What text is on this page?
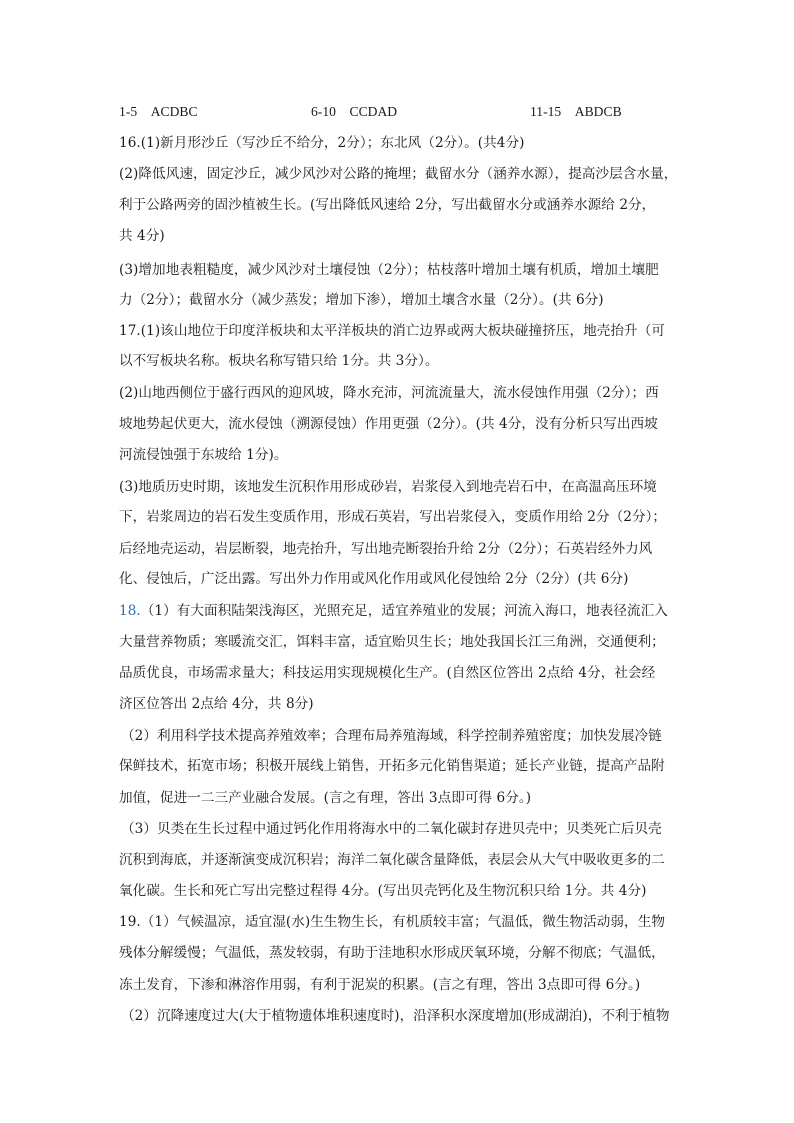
1-5　ACDBC	6-10　CCDAD	11-15　ABDCB
16.(1)新月形沙丘（写沙丘不给分，2分）；东北风（2分）。(共4分)
(2)降低风速，固定沙丘，减少风沙对公路的掩埋；截留水分（涵养水源），提高沙层含水量，
利于公路两旁的固沙植被生长。(写出降低风速给 2分，写出截留水分或涵养水源给 2分，
共 4分)
(3)增加地表粗糙度，减少风沙对土壤侵蚀（2分）；枯枝落叶增加土壤有机质，增加土壤肥
力（2分）；截留水分（减少蒸发；增加下渗），增加土壤含水量（2分）。(共 6分)
17.(1)该山地位于印度洋板块和太平洋板块的消亡边界或两大板块碰撞挤压，地壳抬升（可
以不写板块名称。板块名称写错只给 1分。共 3分）。
(2)山地西侧位于盛行西风的迎风坡，降水充沛，河流流量大，流水侵蚀作用强（2分）；西
坡地势起伏更大，流水侵蚀（溯源侵蚀）作用更强（2分）。(共 4分，没有分析只写出西坡
河流侵蚀强于东坡给 1分)。
(3)地质历史时期，该地发生沉积作用形成砂岩，岩浆侵入到地壳岩石中，在高温高压环境
下，岩浆周边的岩石发生变质作用，形成石英岩，写出岩浆侵入，变质作用给 2分（2分）；
后经地壳运动，岩层断裂，地壳抬升，写出地壳断裂抬升给 2分（2分）；石英岩经外力风
化、侵蚀后，广泛出露。写出外力作用或风化作用或风化侵蚀给 2分（2分）(共 6分)
18.（1）有大面积陆架浅海区，光照充足，适宜养殖业的发展；河流入海口，地表径流汇入
大量营养物质；寒暖流交汇，饵料丰富，适宜贻贝生长；地处我国长江三角洲，交通便利；
品质优良，市场需求量大；科技运用实现规模化生产。(自然区位答出 2点给 4分，社会经
济区位答出 2点给 4分，共 8分)
（2）利用科学技术提高养殖效率；合理布局养殖海域，科学控制养殖密度；加快发展冷链
保鲜技术，拓宽市场；积极开展线上销售，开拓多元化销售渠道；延长产业链，提高产品附
加值，促进一二三产业融合发展。(言之有理，答出 3点即可得 6分。)
（3）贝类在生长过程中通过钙化作用将海水中的二氧化碳封存进贝壳中；贝类死亡后贝壳
沉积到海底，并逐渐演变成沉积岩；海洋二氧化碳含量降低，表层会从大气中吸收更多的二
氧化碳。生长和死亡写出完整过程得 4分。(写出贝壳钙化及生物沉积只给 1分。共 4分)
19.（1）气候温凉，适宜湿(水)生生物生长，有机质较丰富；气温低，微生物活动弱，生物
残体分解缓慢；气温低，蒸发较弱，有助于洼地积水形成厌氧环境，分解不彻底；气温低，
冻土发育，下渗和淋溶作用弱，有利于泥炭的积累。(言之有理，答出 3点即可得 6分。)
（2）沉降速度过大(大于植物遗体堆积速度时)，沿泽积水深度增加(形成湖泊)，不利于植物
